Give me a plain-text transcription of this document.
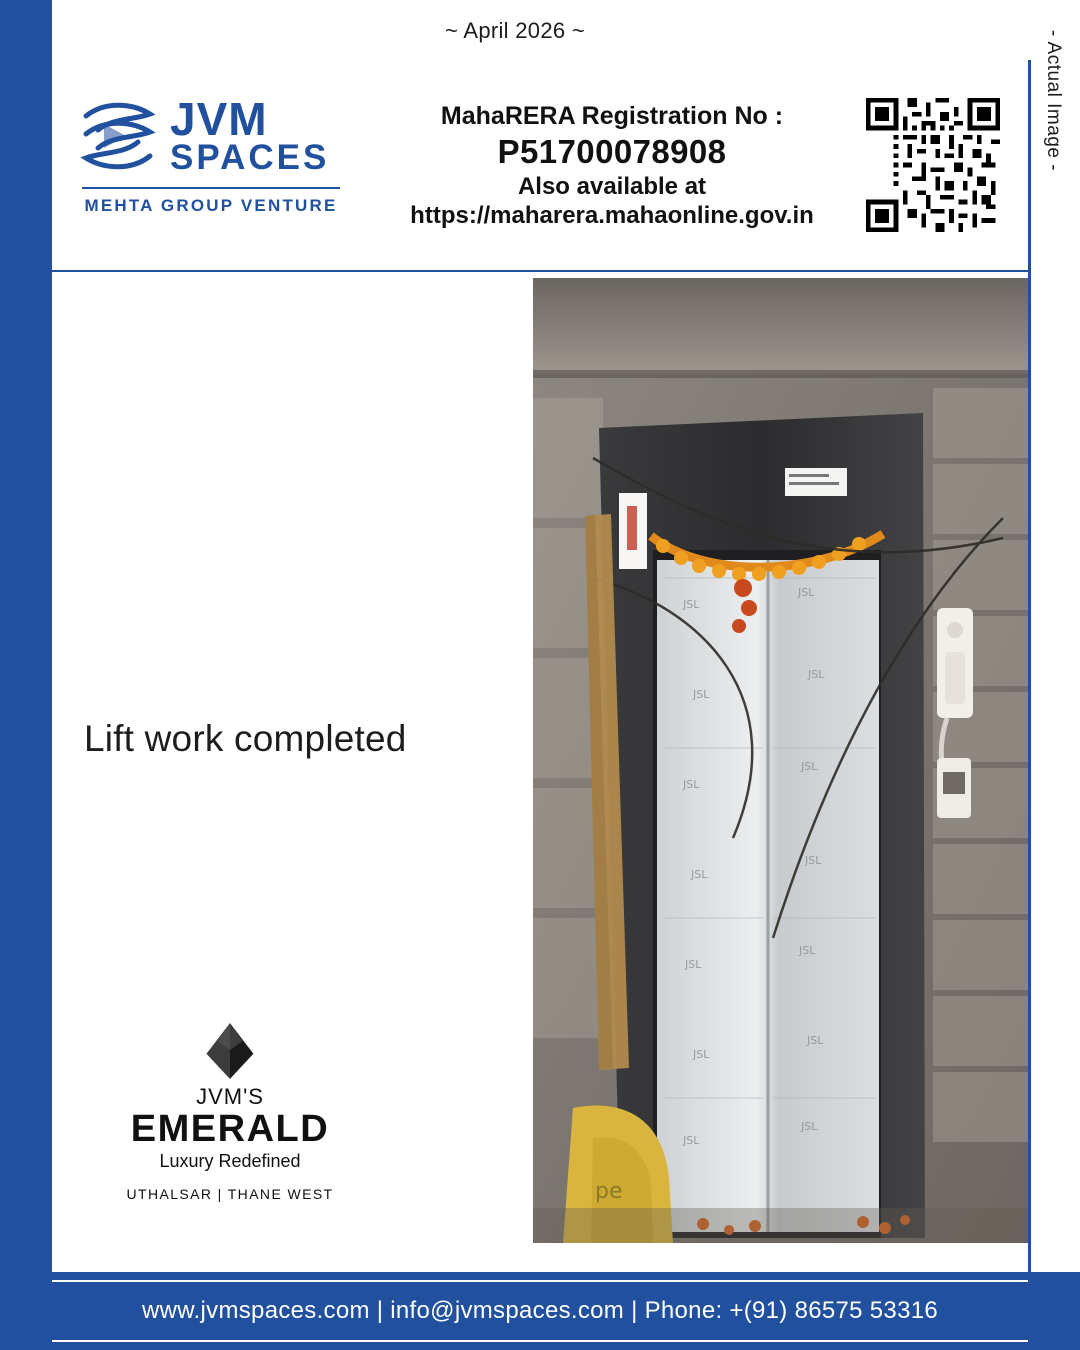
~ April 2026 ~	- Actual Image -
JVM
SPACES
MEHTA GROUP VENTURE
MahaRERA Registration No :
P51700078908
Also available at
https://maharera.mahaonline.gov.in
JSL
JSL
JSL
JSL
JSL
JSL
JSL
JSL
JSL
JSL
JSL
JSL
JSL
JSL
pe
Lift work completed
JVM'S
EMERALD
Luxury Redefined
UTHALSAR | THANE WEST
www.jvmspaces.com | info@jvmspaces.com | Phone: +(91) 86575 53316
